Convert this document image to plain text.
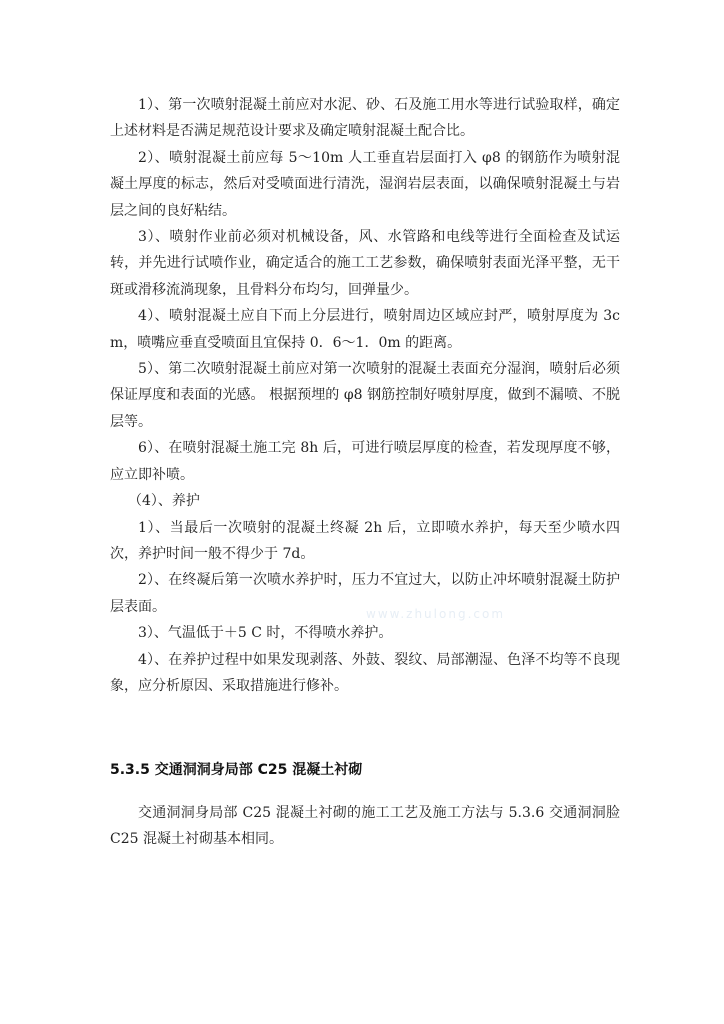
1）、第一次喷射混凝土前应对水泥、砂、石及施工用水等进行试验取样，确定上述材料是否满足规范设计要求及确定喷射混凝土配合比。

2）、喷射混凝土前应每 5～10m 人工垂直岩层面打入 φ8 的钢筋作为喷射混凝土厚度的标志，然后对受喷面进行清洗，湿润岩层表面，以确保喷射混凝土与岩层之间的良好粘结。

3）、喷射作业前必须对机械设备，风、水管路和电线等进行全面检查及试运转，并先进行试喷作业，确定适合的施工工艺参数，确保喷射表面光泽平整，无干斑或滑移流淌现象，且骨料分布均匀，回弹量少。

4）、喷射混凝土应自下而上分层进行，喷射周边区域应封严，喷射厚度为 3cm，喷嘴应垂直受喷面且宜保持 0．6～1．0m 的距离。

5）、第二次喷射混凝土前应对第一次喷射的混凝土表面充分湿润，喷射后必须保证厚度和表面的光感。 根据预埋的 φ8 钢筋控制好喷射厚度，做到不漏喷、不脱层等。

6）、在喷射混凝土施工完 8h 后，可进行喷层厚度的检查，若发现厚度不够，应立即补喷。

（4）、养护

1）、当最后一次喷射的混凝土终凝 2h 后，立即喷水养护，每天至少喷水四次，养护时间一般不得少于 7d。

2）、在终凝后第一次喷水养护时，压力不宜过大，以防止冲坏喷射混凝土防护层表面。

3）、气温低于＋5 C 时，不得喷水养护。

4）、在养护过程中如果发现剥落、外鼓、裂纹、局部潮湿、色泽不均等不良现象，应分析原因、采取措施进行修补。

www.zhulong.com
5.3.5 交通洞洞身局部 C25 混凝土衬砌

交通洞洞身局部 C25 混凝土衬砌的施工工艺及施工方法与 5.3.6 交通洞洞脸 C25 混凝土衬砌基本相同。
